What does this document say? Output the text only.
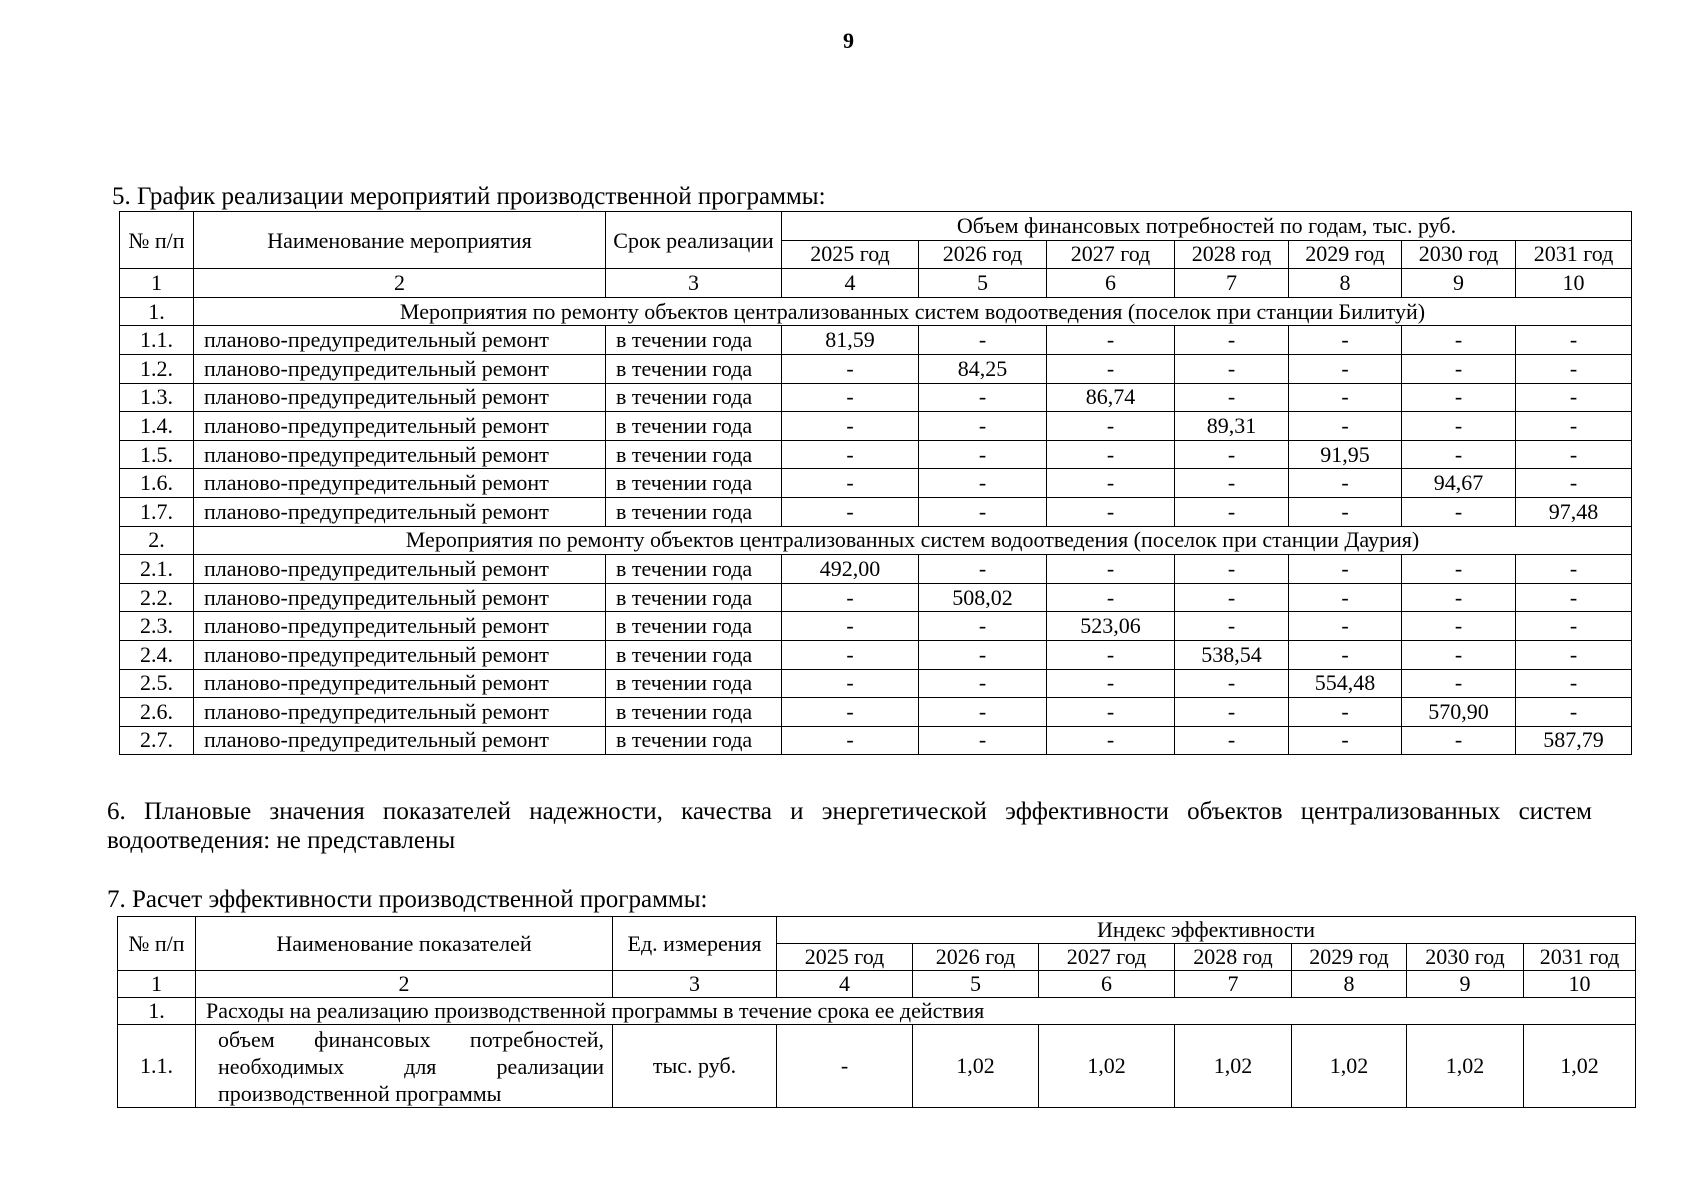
9
5. График реализации мероприятий производственной программы:
№ п/п	Наименование мероприятия	Срок реализации	Объем финансовых потребностей по годам, тыс. руб.						
			2025 год	2026 год	2027 год	2028 год	2029 год	2030 год	2031 год
1	2	3	4	5	6	7	8	9	10
1.	Мероприятия по ремонту объектов централизованных систем водоотведения (поселок при станции Билитуй)								
1.1.	планово-предупредительный ремонт	в течении года	81,59	-	-	-	-	-	-
1.2.	планово-предупредительный ремонт	в течении года	-	84,25	-	-	-	-	-
1.3.	планово-предупредительный ремонт	в течении года	-	-	86,74	-	-	-	-
1.4.	планово-предупредительный ремонт	в течении года	-	-	-	89,31	-	-	-
1.5.	планово-предупредительный ремонт	в течении года	-	-	-	-	91,95	-	-
1.6.	планово-предупредительный ремонт	в течении года	-	-	-	-	-	94,67	-
1.7.	планово-предупредительный ремонт	в течении года	-	-	-	-	-	-	97,48
2.	Мероприятия по ремонту объектов централизованных систем водоотведения (поселок при станции Даурия)								
2.1.	планово-предупредительный ремонт	в течении года	492,00	-	-	-	-	-	-
2.2.	планово-предупредительный ремонт	в течении года	-	508,02	-	-	-	-	-
2.3.	планово-предупредительный ремонт	в течении года	-	-	523,06	-	-	-	-
2.4.	планово-предупредительный ремонт	в течении года	-	-	-	538,54	-	-	-
2.5.	планово-предупредительный ремонт	в течении года	-	-	-	-	554,48	-	-
2.6.	планово-предупредительный ремонт	в течении года	-	-	-	-	-	570,90	-
2.7.	планово-предупредительный ремонт	в течении года	-	-	-	-	-	-	587,79
6. Плановые значения показателей надежности, качества и энергетической эффективности объектов централизованных систем водоотведения: не представлены
7. Расчет эффективности производственной программы:
№ п/п	Наименование показателей	Ед. измерения	Индекс эффективности						
			2025 год	2026 год	2027 год	2028 год	2029 год	2030 год	2031 год
1	2	3	4	5	6	7	8	9	10
1.	Расходы на реализацию производственной программы в течение срока ее действия								
1.1.	объем финансовых потребностей, необходимых для реализации производственной программы	тыс. руб.	-	1,02	1,02	1,02	1,02	1,02	1,02
